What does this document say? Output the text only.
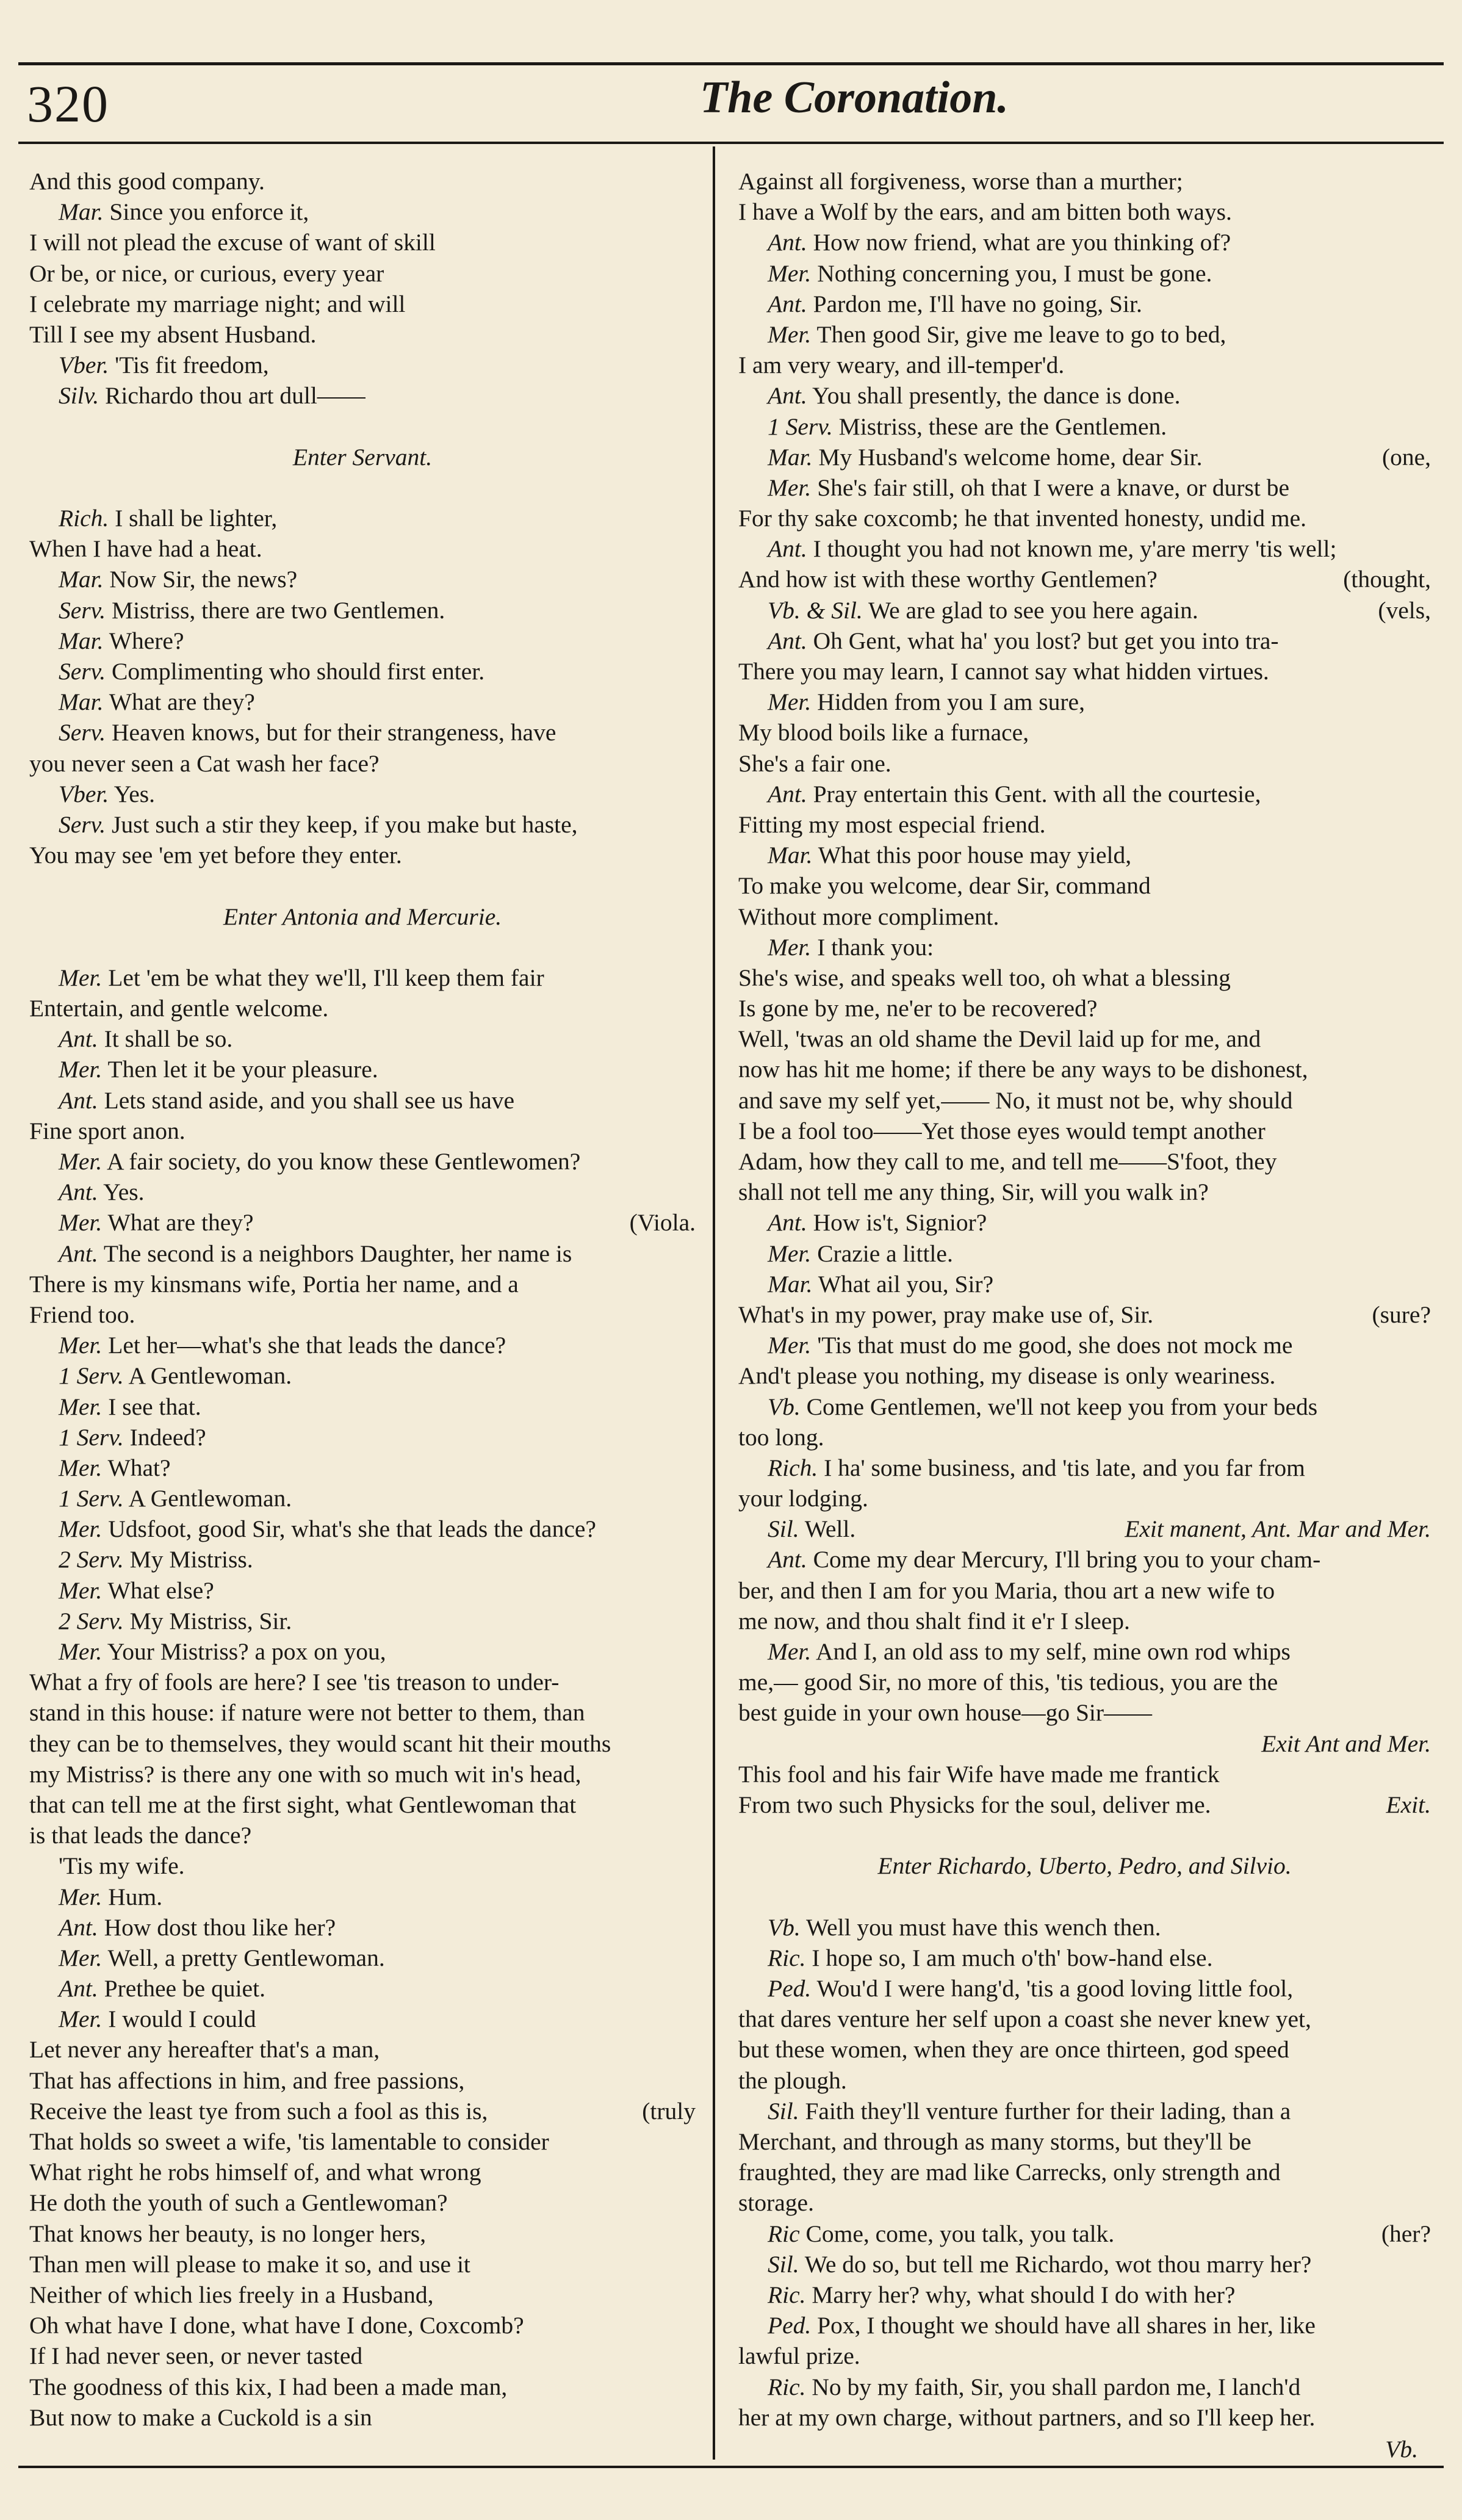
320	The Coronation.
And this good company.
Mar. Since you enforce it,
I will not plead the excuse of want of skill
Or be, or nice, or curious, every year
I celebrate my marriage night; and will
Till I see my absent Husband.
Vber. 'Tis fit freedom,
Silv. Richardo thou art dull——
Enter Servant.
Rich. I shall be lighter,
When I have had a heat.
Mar. Now Sir, the news?
Serv. Mistriss, there are two Gentlemen.
Mar. Where?
Serv. Complimenting who should first enter.
Mar. What are they?
Serv. Heaven knows, but for their strangeness, have
you never seen a Cat wash her face?
Vber. Yes.
Serv. Just such a stir they keep, if you make but haste,
You may see 'em yet before they enter.
Enter Antonia and Mercurie.
Mer. Let 'em be what they we'll, I'll keep them fair
Entertain, and gentle welcome.
Ant. It shall be so.
Mer. Then let it be your pleasure.
Ant. Lets stand aside, and you shall see us have
Fine sport anon.
Mer. A fair society, do you know these Gentlewomen?
Ant. Yes.
(Viola.
Mer. What are they?
Ant. The second is a neighbors Daughter, her name is
There is my kinsmans wife, Portia her name, and a
Friend too.
Mer. Let her—what's she that leads the dance?
1 Serv. A Gentlewoman.
Mer. I see that.
1 Serv. Indeed?
Mer. What?
1 Serv. A Gentlewoman.
Mer. Udsfoot, good Sir, what's she that leads the dance?
2 Serv. My Mistriss.
Mer. What else?
2 Serv. My Mistriss, Sir.
Mer. Your Mistriss? a pox on you,
What a fry of fools are here? I see 'tis treason to under-
stand in this house: if nature were not better to them, than
they can be to themselves, they would scant hit their mouths
my Mistriss? is there any one with so much wit in's head,
that can tell me at the first sight, what Gentlewoman that
is that leads the dance?
'Tis my wife.
Mer. Hum.
Ant. How dost thou like her?
Mer. Well, a pretty Gentlewoman.
Ant. Prethee be quiet.
Mer. I would I could
Let never any hereafter that's a man,
That has affections in him, and free passions,
(truly
Receive the least tye from such a fool as this is,
That holds so sweet a wife, 'tis lamentable to consider
What right he robs himself of, and what wrong
He doth the youth of such a Gentlewoman?
That knows her beauty, is no longer hers,
Than men will please to make it so, and use it
Neither of which lies freely in a Husband,
Oh what have I done, what have I done, Coxcomb?
If I had never seen, or never tasted
The goodness of this kix, I had been a made man,
But now to make a Cuckold is a sin
Against all forgiveness, worse than a murther;
I have a Wolf by the ears, and am bitten both ways.
Ant. How now friend, what are you thinking of?
Mer. Nothing concerning you, I must be gone.
Ant. Pardon me, I'll have no going, Sir.
Mer. Then good Sir, give me leave to go to bed,
I am very weary, and ill-temper'd.
Ant. You shall presently, the dance is done.
1 Serv. Mistriss, these are the Gentlemen.
(one,
Mar. My Husband's welcome home, dear Sir.
Mer. She's fair still, oh that I were a knave, or durst be
For thy sake coxcomb; he that invented honesty, undid me.
Ant. I thought you had not known me, y'are merry 'tis well;
(thought,
And how ist with these worthy Gentlemen?
(vels,
Vb. & Sil. We are glad to see you here again.
Ant. Oh Gent, what ha' you lost? but get you into tra-
There you may learn, I cannot say what hidden virtues.
Mer. Hidden from you I am sure,
My blood boils like a furnace,
She's a fair one.
Ant. Pray entertain this Gent. with all the courtesie,
Fitting my most especial friend.
Mar. What this poor house may yield,
To make you welcome, dear Sir, command
Without more compliment.
Mer. I thank you:
She's wise, and speaks well too, oh what a blessing
Is gone by me, ne'er to be recovered?
Well, 'twas an old shame the Devil laid up for me, and
now has hit me home; if there be any ways to be dishonest,
and save my self yet,—— No, it must not be, why should
I be a fool too——Yet those eyes would tempt another
Adam, how they call to me, and tell me——S'foot, they
shall not tell me any thing, Sir, will you walk in?
Ant. How is't, Signior?
Mer. Crazie a little.
Mar. What ail you, Sir?
(sure?
What's in my power, pray make use of, Sir.
Mer. 'Tis that must do me good, she does not mock me
And't please you nothing, my disease is only weariness.
Vb. Come Gentlemen, we'll not keep you from your beds
too long.
Rich. I ha' some business, and 'tis late, and you far from
your lodging.
Exit manent, Ant. Mar and Mer.
Sil. Well.
Ant. Come my dear Mercury, I'll bring you to your cham-
ber, and then I am for you Maria, thou art a new wife to
me now, and thou shalt find it e'r I sleep.
Mer. And I, an old ass to my self, mine own rod whips
me,— good Sir, no more of this, 'tis tedious, you are the
best guide in your own house—go Sir——
Exit Ant and Mer.
This fool and his fair Wife have made me frantick
Exit.
From two such Physicks for the soul, deliver me.
Enter Richardo, Uberto, Pedro, and Silvio.
Vb. Well you must have this wench then.
Ric. I hope so, I am much o'th' bow-hand else.
Ped. Wou'd I were hang'd, 'tis a good loving little fool,
that dares venture her self upon a coast she never knew yet,
but these women, when they are once thirteen, god speed
the plough.
Sil. Faith they'll venture further for their lading, than a
Merchant, and through as many storms, but they'll be
fraughted, they are mad like Carrecks, only strength and
storage.
(her?
Ric Come, come, you talk, you talk.
Sil. We do so, but tell me Richardo, wot thou marry her?
Ric. Marry her? why, what should I do with her?
Ped. Pox, I thought we should have all shares in her, like
lawful prize.
Ric. No by my faith, Sir, you shall pardon me, I lanch'd
her at my own charge, without partners, and so I'll keep her.
Vb.
